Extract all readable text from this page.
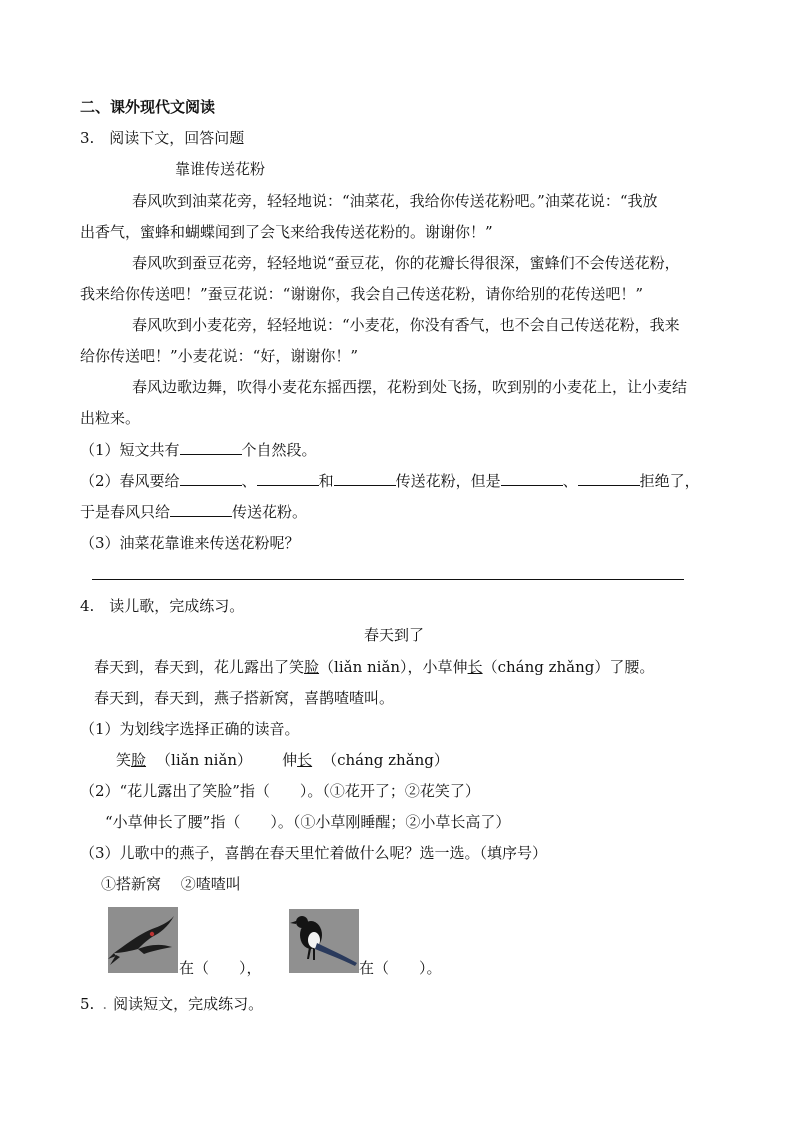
二、课外现代文阅读
3.　阅读下文，回答问题
靠谁传送花粉
春风吹到油菜花旁，轻轻地说：“油菜花，我给你传送花粉吧。”油菜花说：“我放
出香气，蜜蜂和蝴蝶闻到了会飞来给我传送花粉的。谢谢你！”
春风吹到蚕豆花旁，轻轻地说“蚕豆花，你的花瓣长得很深，蜜蜂们不会传送花粉，
我来给你传送吧！”蚕豆花说：“谢谢你，我会自己传送花粉，请你给别的花传送吧！”
春风吹到小麦花旁，轻轻地说：“小麦花，你没有香气，也不会自己传送花粉，我来
给你传送吧！”小麦花说：“好，谢谢你！”
春风边歌边舞，吹得小麦花东摇西摆，花粉到处飞扬，吹到别的小麦花上，让小麦结
出粒来。
（1）短文共有	个自然段。
（2）春风要给	、	和	传送花粉，但是	、	拒绝了，
于是春风只给	传送花粉。
（3）油菜花靠谁来传送花粉呢？
4.　读儿歌，完成练习。
春天到了
春天到，春天到，花儿露出了笑脸（liǎn niǎn），小草伸长（cháng zhǎng）了腰。
春天到，春天到，燕子搭新窝，喜鹊喳喳叫。
（1）为划线字选择正确的读音。
笑脸 （liǎn niǎn） 伸长 （cháng zhǎng）
（2）“花儿露出了笑脸”指（　　）。（①花开了；②花笑了）
“小草伸长了腰”指（　　）。（①小草刚睡醒；②小草长高了）
（3）儿歌中的燕子，喜鹊在春天里忙着做什么呢？选一选。（填序号）
①搭新窝　 ②喳喳叫
在（　　），	在（　　）。
5. . 阅读短文，完成练习。
